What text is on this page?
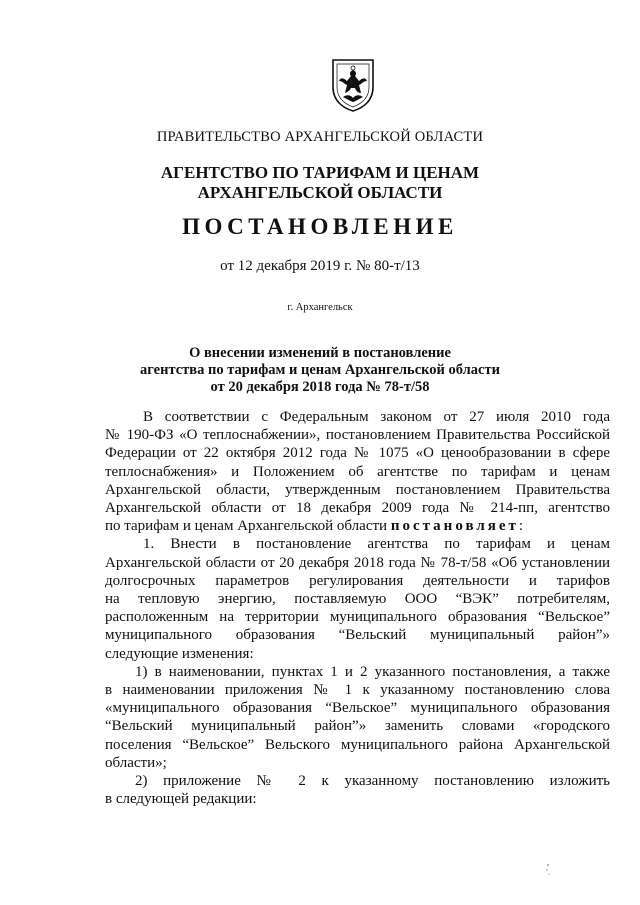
ПРАВИТЕЛЬСТВО АРХАНГЕЛЬСКОЙ ОБЛАСТИ
АГЕНТСТВО ПО ТАРИФАМ И ЦЕНАМ
АРХАНГЕЛЬСКОЙ ОБЛАСТИ
ПОСТАНОВЛЕНИЕ
от 12 декабря 2019 г. № 80-т/13
г. Архангельск
О внесении изменений в постановление
агентства по тарифам и ценам Архангельской области
от 20 декабря 2018 года № 78-т/58
В соответствии с Федеральным законом от 27 июля 2010 года
№ 190-ФЗ «О теплоснабжении», постановлением Правительства Российской
Федерации от 22 октября 2012 года № 1075 «О ценообразовании в сфере
теплоснабжения» и Положением об агентстве по тарифам и ценам
Архангельской области, утвержденным постановлением Правительства
Архангельской области от 18 декабря 2009 года № 214-пп, агентство
по тарифам и ценам Архангельской области постановляет:
1. Внести в постановление агентства по тарифам и ценам
Архангельской области от 20 декабря 2018 года № 78-т/58 «Об установлении
долгосрочных параметров регулирования деятельности и тарифов
на тепловую энергию, поставляемую ООО “ВЭК” потребителям,
расположенным на территории муниципального образования “Вельское”
муниципального образования “Вельский муниципальный район”»
следующие изменения:
1) в наименовании, пунктах 1 и 2 указанного постановления, а также
в наименовании приложения № 1 к указанному постановлению слова
«муниципального образования “Вельское” муниципального образования
“Вельский муниципальный район”» заменить словами «городского
поселения “Вельское” Вельского муниципального района Архангельской
области»;
2) приложение № 2 к указанному постановлению изложить
в следующей редакции:
